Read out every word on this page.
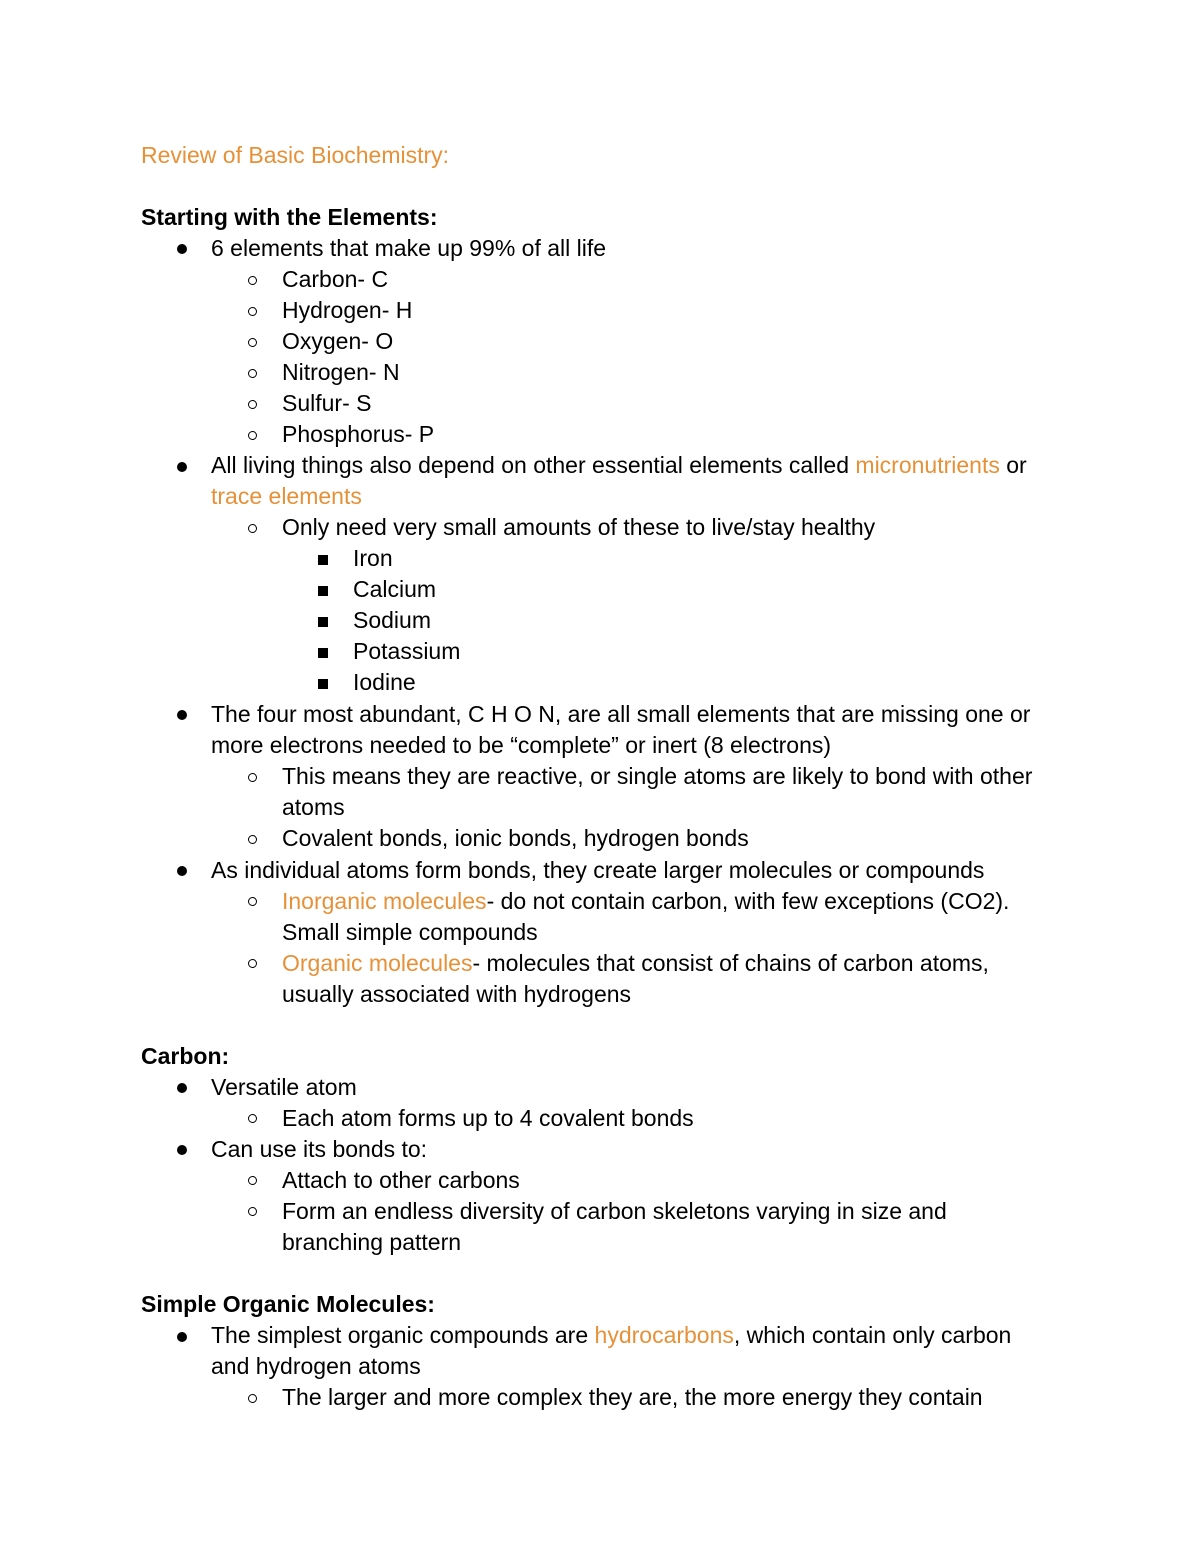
Review of Basic Biochemistry:
Starting with the Elements:
6 elements that make up 99% of all life
Carbon- C
Hydrogen- H
Oxygen- O
Nitrogen- N
Sulfur- S
Phosphorus- P
All living things also depend on other essential elements called micronutrients or
trace elements
Only need very small amounts of these to live/stay healthy
Iron
Calcium
Sodium
Potassium
Iodine
The four most abundant, C H O N, are all small elements that are missing one or
more electrons needed to be “complete” or inert (8 electrons)
This means they are reactive, or single atoms are likely to bond with other
atoms
Covalent bonds, ionic bonds, hydrogen bonds
As individual atoms form bonds, they create larger molecules or compounds
Inorganic molecules- do not contain carbon, with few exceptions (CO2).
Small simple compounds
Organic molecules- molecules that consist of chains of carbon atoms,
usually associated with hydrogens
Carbon:
Versatile atom
Each atom forms up to 4 covalent bonds
Can use its bonds to:
Attach to other carbons
Form an endless diversity of carbon skeletons varying in size and
branching pattern
Simple Organic Molecules:
The simplest organic compounds are hydrocarbons, which contain only carbon
and hydrogen atoms
The larger and more complex they are, the more energy they contain
